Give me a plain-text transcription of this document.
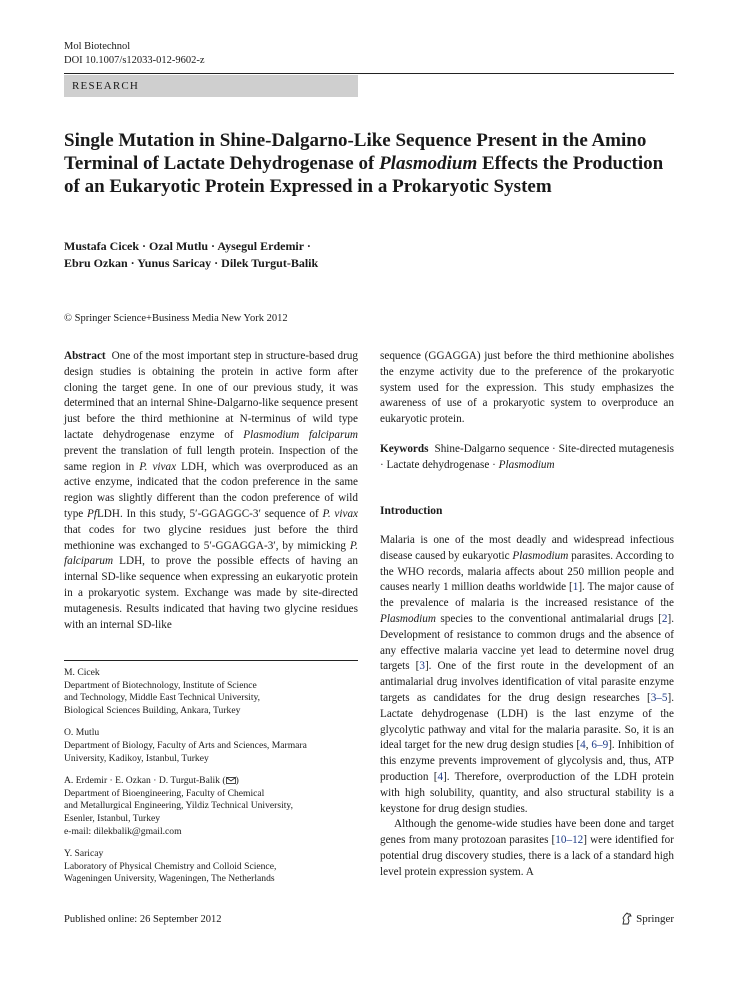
Mol Biotechnol
DOI 10.1007/s12033-012-9602-z
RESEARCH
Single Mutation in Shine-Dalgarno-Like Sequence Present in the Amino Terminal of Lactate Dehydrogenase of Plasmodium Effects the Production of an Eukaryotic Protein Expressed in a Prokaryotic System
Mustafa Cicek · Ozal Mutlu · Aysegul Erdemir ·
Ebru Ozkan · Yunus Saricay · Dilek Turgut-Balik
© Springer Science+Business Media New York 2012

Abstract One of the most important step in structure-based drug design studies is obtaining the protein in active form after cloning the target gene. In one of our previous study, it was determined that an internal Shine-Dalgarno-like sequence present just before the third methionine at N-terminus of wild type lactate dehydrogenase enzyme of Plasmodium falciparum prevent the translation of full length protein. Inspection of the same region in P. vivax LDH, which was overproduced as an active enzyme, indicated that the codon preference in the same region was slightly different than the codon preference of wild type PfLDH. In this study, 5′-GGAGGC-3′ sequence of P. vivax that codes for two glycine residues just before the third methionine was exchanged to 5′-GGAGGA-3′, by mimicking P. falciparum LDH, to prove the possible effects of having an internal SD-like sequence when expressing an eukaryotic protein in a prokaryotic system. Exchange was made by site-directed mutagenesis. Results indicated that having two glycine residues with an internal SD-like

sequence (GGAGGA) just before the third methionine abolishes the enzyme activity due to the preference of the prokaryotic system used for the expression. This study emphasizes the awareness of use of a prokaryotic system to overproduce an eukaryotic protein.

Keywords Shine-Dalgarno sequence · Site-directed mutagenesis · Lactate dehydrogenase · Plasmodium

Introduction

Malaria is one of the most deadly and widespread infectious disease caused by eukaryotic Plasmodium parasites. According to the WHO records, malaria affects about 250 million people and causes nearly 1 million deaths worldwide [1]. The major cause of the prevalence of malaria is the increased resistance of the Plasmodium species to the conventional antimalarial drugs [2]. Development of resistance to common drugs and the absence of any effective malaria vaccine yet lead to determine novel drug targets [3]. One of the first route in the development of an antimalarial drug involves identification of vital parasite enzyme targets as candidates for the drug design researches [3–5]. Lactate dehydrogenase (LDH) is the last enzyme of the glycolytic pathway and vital for the malaria parasite. So, it is an ideal target for the new drug design studies [4, 6–9]. Inhibition of this enzyme prevents improvement of glycolysis and, thus, ATP production [4]. Therefore, overproduction of the LDH protein with high solubility, quantity, and also structural stability is a keystone for drug design studies.

Although the genome-wide studies have been done and target genes from many protozoan parasites [10–12] were identified for potential drug discovery studies, there is a lack of a standard high level protein expression system. A

M. Cicek
Department of Biotechnology, Institute of Science
and Technology, Middle East Technical University,
Biological Sciences Building, Ankara, Turkey
O. Mutlu
Department of Biology, Faculty of Arts and Sciences, Marmara
University, Kadikoy, Istanbul, Turkey
A. Erdemir · E. Ozkan · D. Turgut-Balik ( )
Department of Bioengineering, Faculty of Chemical
and Metallurgical Engineering, Yildiz Technical University,
Esenler, Istanbul, Turkey
e-mail: dilekbalik@gmail.com
Y. Saricay
Laboratory of Physical Chemistry and Colloid Science,
Wageningen University, Wageningen, The Netherlands
Published online: 26 September 2012	Springer
